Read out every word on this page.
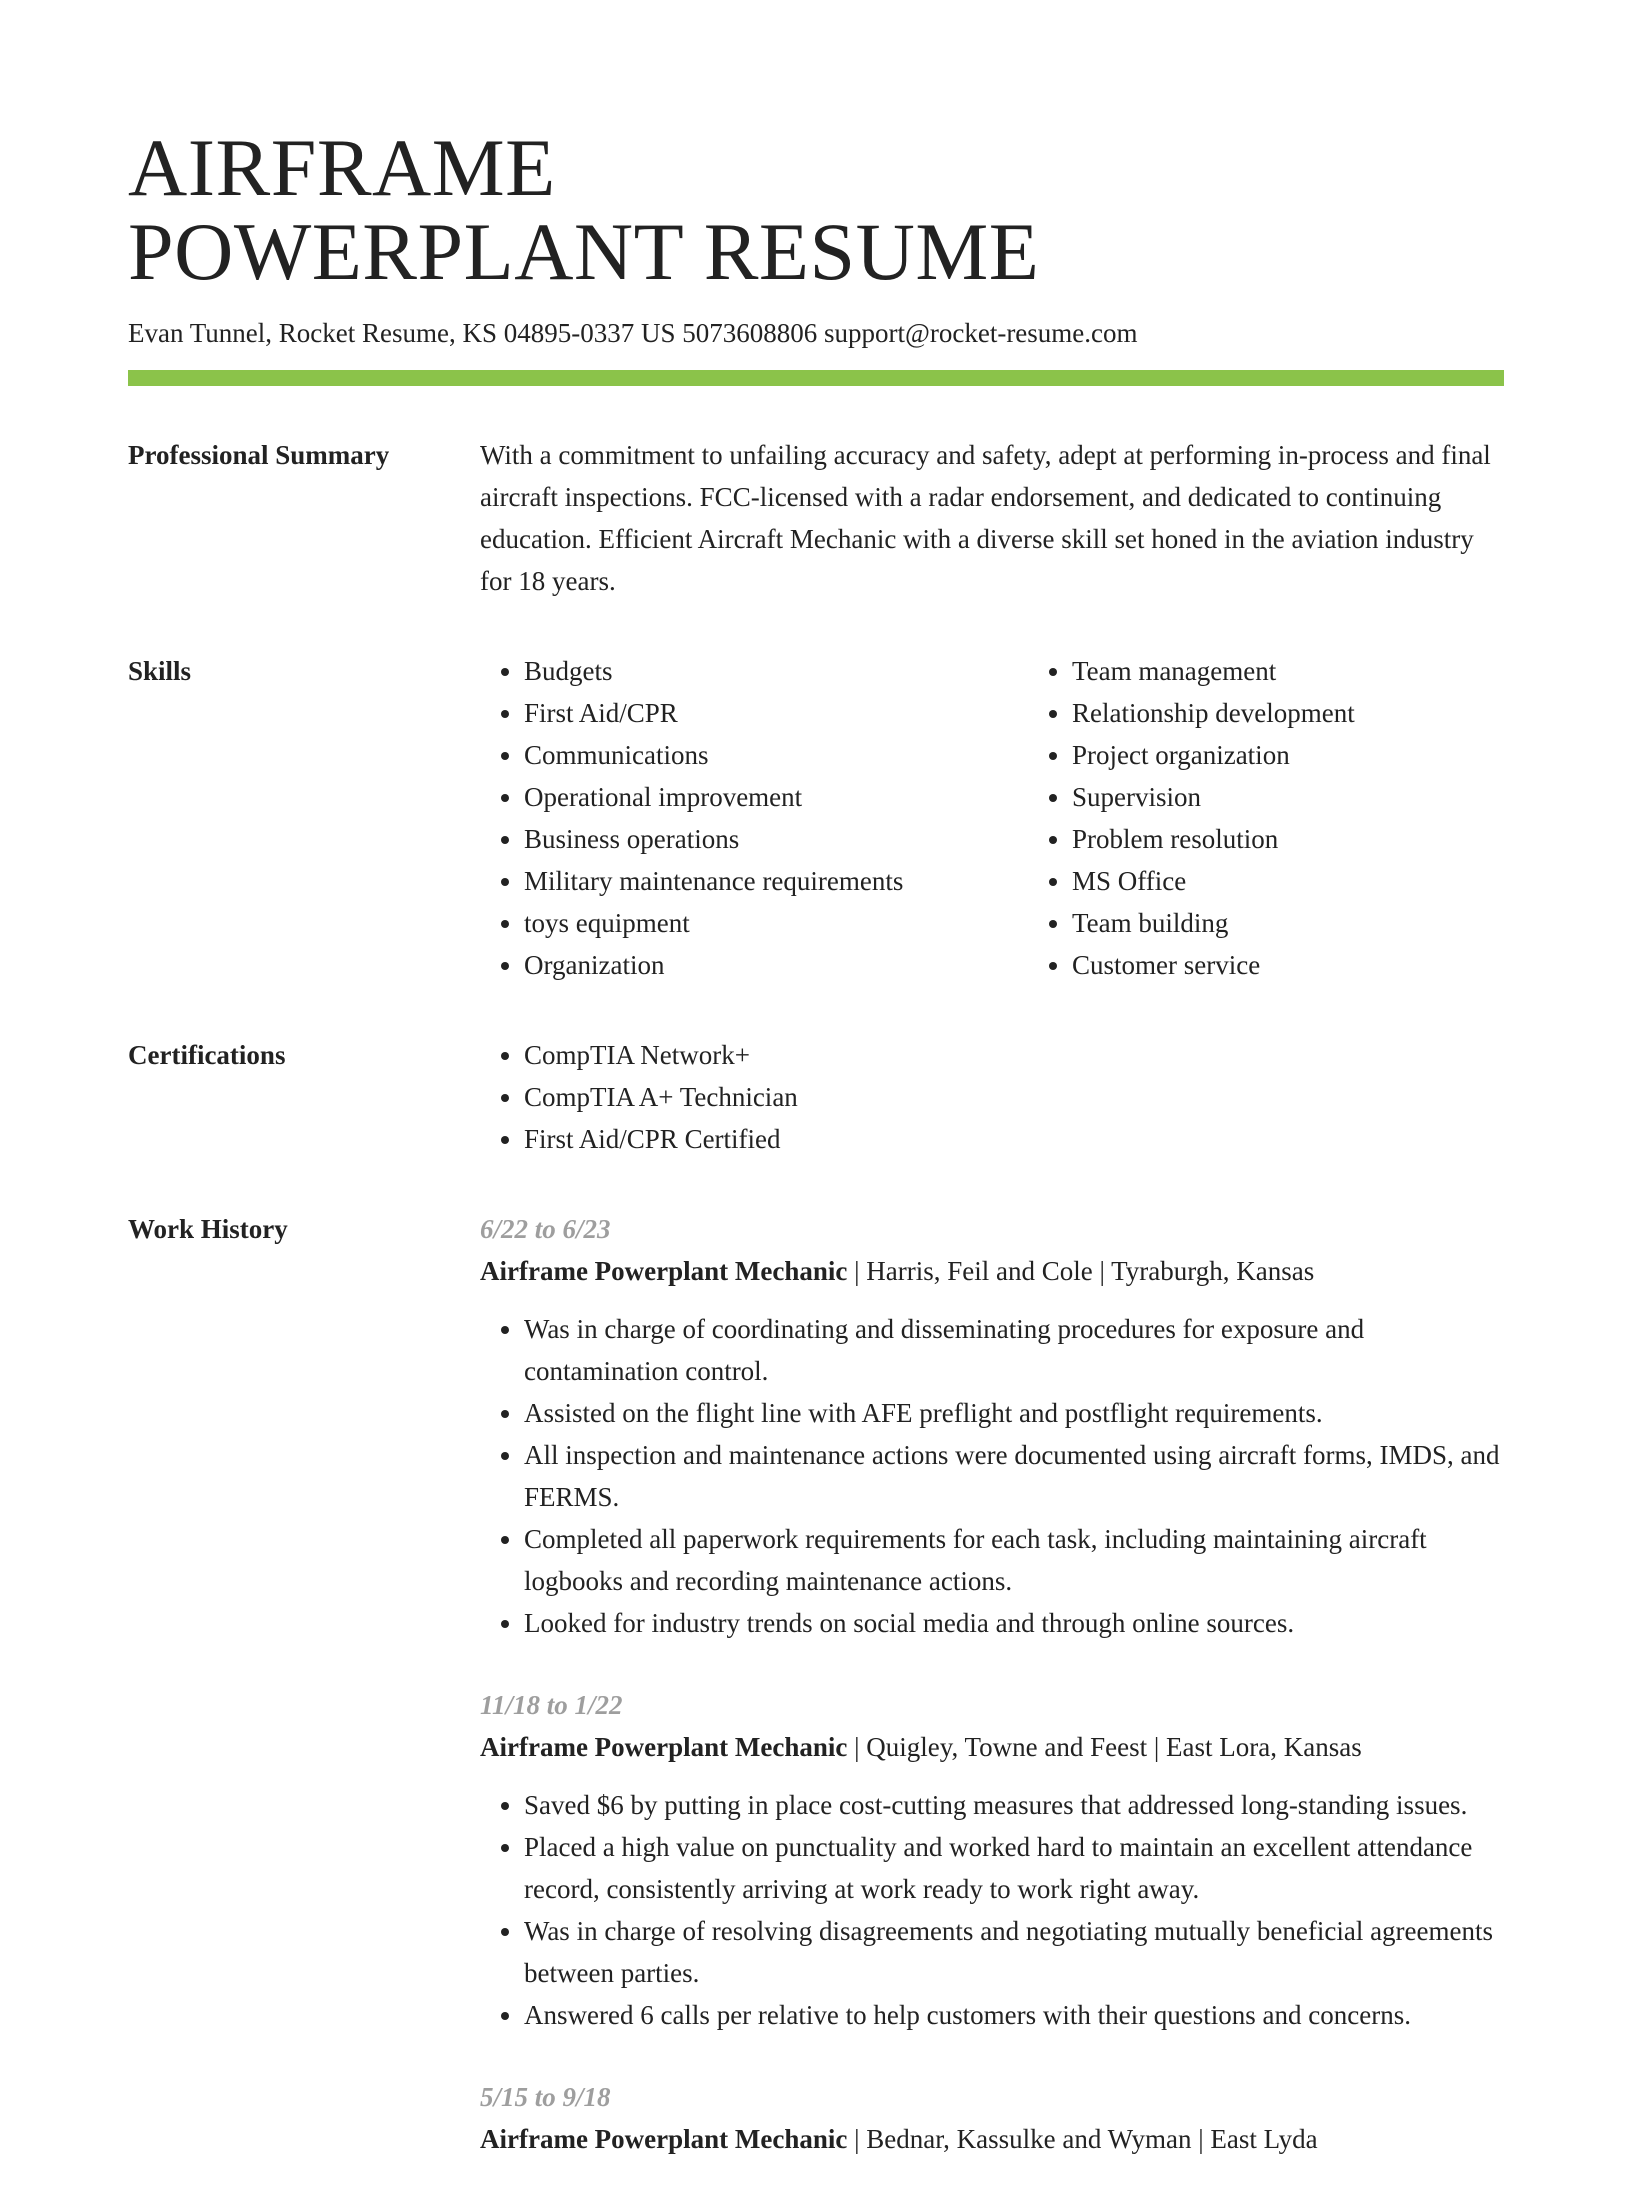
AIRFRAME
POWERPLANT RESUME
Evan Tunnel, Rocket Resume, KS 04895-0337 US 5073608806 support@rocket-resume.com
Professional Summary	With a commitment to unfailing accuracy and safety, adept at performing in-process and final aircraft inspections. FCC-licensed with a radar endorsement, and dedicated to continuing education. Efficient Aircraft Mechanic with a diverse skill set honed in the aviation industry for 18 years.

Skills	• Budgets
• First Aid/CPR
• Communications
• Operational improvement
• Business operations
• Military maintenance requirements
• toys equipment
• Organization
• Team management
• Relationship development
• Project organization
• Supervision
• Problem resolution
• MS Office
• Team building
• Customer service
Certifications	• CompTIA Network+
• CompTIA A+ Technician
• First Aid/CPR Certified
Work History	6/22 to 6/23
Airframe Powerplant Mechanic | Harris, Feil and Cole | Tyraburgh, Kansas
• Was in charge of coordinating and disseminating procedures for exposure and contamination control.
• Assisted on the flight line with AFE preflight and postflight requirements.
• All inspection and maintenance actions were documented using aircraft forms, IMDS, and FERMS.
• Completed all paperwork requirements for each task, including maintaining aircraft logbooks and recording maintenance actions.
• Looked for industry trends on social media and through online sources.
11/18 to 1/22
Airframe Powerplant Mechanic | Quigley, Towne and Feest | East Lora, Kansas
• Saved $6 by putting in place cost-cutting measures that addressed long-standing issues.
• Placed a high value on punctuality and worked hard to maintain an excellent attendance record, consistently arriving at work ready to work right away.
• Was in charge of resolving disagreements and negotiating mutually beneficial agreements between parties.
• Answered 6 calls per relative to help customers with their questions and concerns.
5/15 to 9/18
Airframe Powerplant Mechanic | Bednar, Kassulke and Wyman | East Lyda
